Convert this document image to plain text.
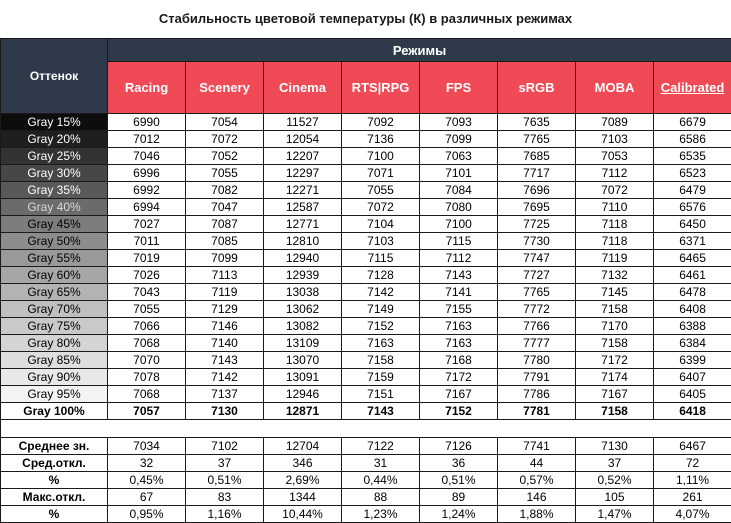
Стабильность цветовой температуры (К) в различных режимах
Оттенок	Режимы							
	Racing	Scenery	Cinema	RTS|RPG	FPS	sRGB	MOBA	Calibrated
Gray 15%	6990	7054	11527	7092	7093	7635	7089	6679
Gray 20%	7012	7072	12054	7136	7099	7765	7103	6586
Gray 25%	7046	7052	12207	7100	7063	7685	7053	6535
Gray 30%	6996	7055	12297	7071	7101	7717	7112	6523
Gray 35%	6992	7082	12271	7055	7084	7696	7072	6479
Gray 40%	6994	7047	12587	7072	7080	7695	7110	6576
Gray 45%	7027	7087	12771	7104	7100	7725	7118	6450
Gray 50%	7011	7085	12810	7103	7115	7730	7118	6371
Gray 55%	7019	7099	12940	7115	7112	7747	7119	6465
Gray 60%	7026	7113	12939	7128	7143	7727	7132	6461
Gray 65%	7043	7119	13038	7142	7141	7765	7145	6478
Gray 70%	7055	7129	13062	7149	7155	7772	7158	6408
Gray 75%	7066	7146	13082	7152	7163	7766	7170	6388
Gray 80%	7068	7140	13109	7163	7163	7777	7158	6384
Gray 85%	7070	7143	13070	7158	7168	7780	7172	6399
Gray 90%	7078	7142	13091	7159	7172	7791	7174	6407
Gray 95%	7068	7137	12946	7151	7167	7786	7167	6405
Gray 100%	7057	7130	12871	7143	7152	7781	7158	6418

Среднее зн.	7034	7102	12704	7122	7126	7741	7130	6467
Сред.откл.	32	37	346	31	36	44	37	72
%	0,45%	0,51%	2,69%	0,44%	0,51%	0,57%	0,52%	1,11%
Макс.откл.	67	83	1344	88	89	146	105	261
%	0,95%	1,16%	10,44%	1,23%	1,24%	1,88%	1,47%	4,07%
